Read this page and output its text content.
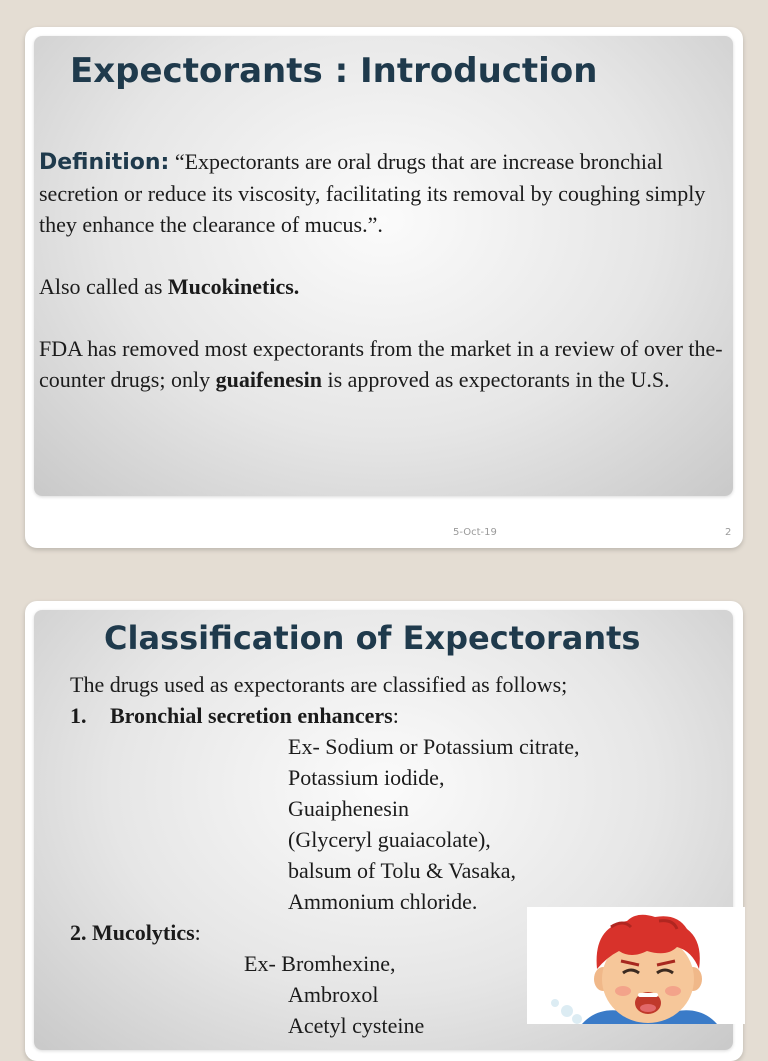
Expectorants : Introduction

Definition: “Expectorants are oral drugs that are increase bronchial secretion or reduce its viscosity, facilitating its removal by coughing simply they enhance the clearance of mucus.”.

Also called as Mucokinetics.

FDA has removed most expectorants from the market in a review of over the-counter drugs; only guaifenesin is approved as expectorants in the U.S.

5-Oct-19	2
Classification of Expectorants

The drugs used as expectorants are classified as follows;

1. Bronchial secretion enhancers:

Ex- Sodium or Potassium citrate,

Potassium iodide,

Guaiphenesin

(Glyceryl guaiacolate),

balsum of Tolu & Vasaka,

Ammonium chloride.

2. Mucolytics:

Ex- Bromhexine,

Ambroxol

Acetyl cysteine
